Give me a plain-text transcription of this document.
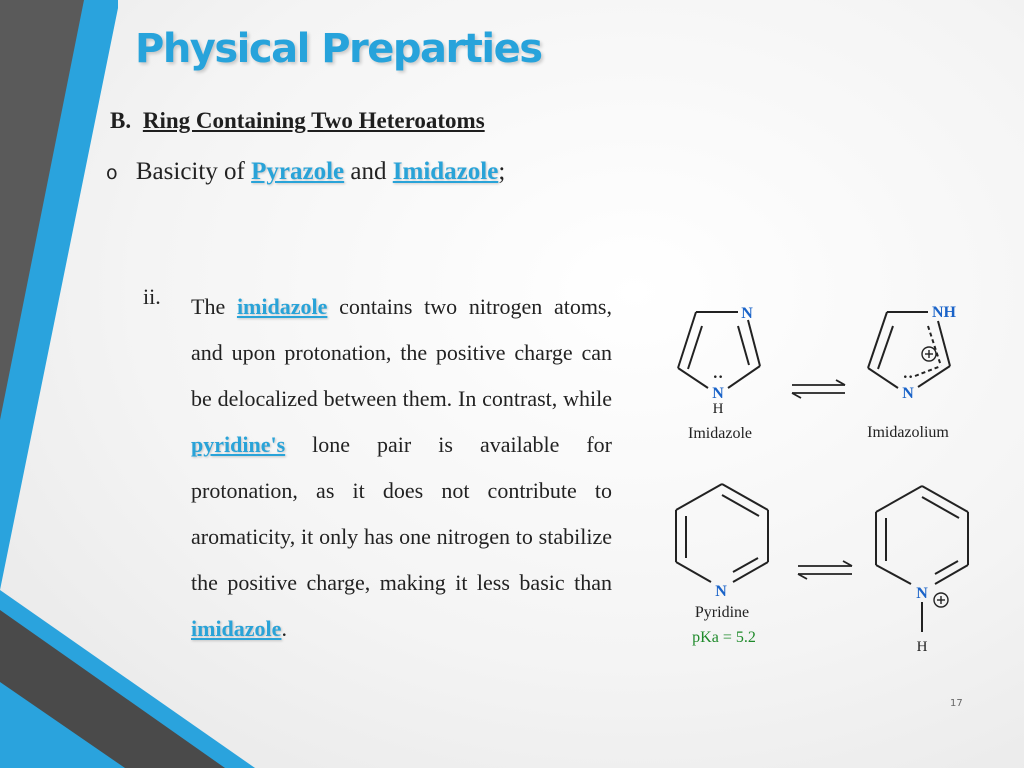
Physical Preparties
B. Ring Containing Two Heteroatoms
o Basicity of Pyrazole and Imidazole;
ii. The imidazole contains two nitrogen atoms, and upon protonation, the positive charge can be delocalized between them. In contrast, while pyridine's lone pair is available for protonation, as it does not contribute to aromaticity, it only has one nitrogen to stabilize the positive charge, making it less basic than imidazole.

N
··
N
H
Imidazole
NH
··
N
Imidazolium
N
Pyridine
pKa = 5.2
N
H
17
